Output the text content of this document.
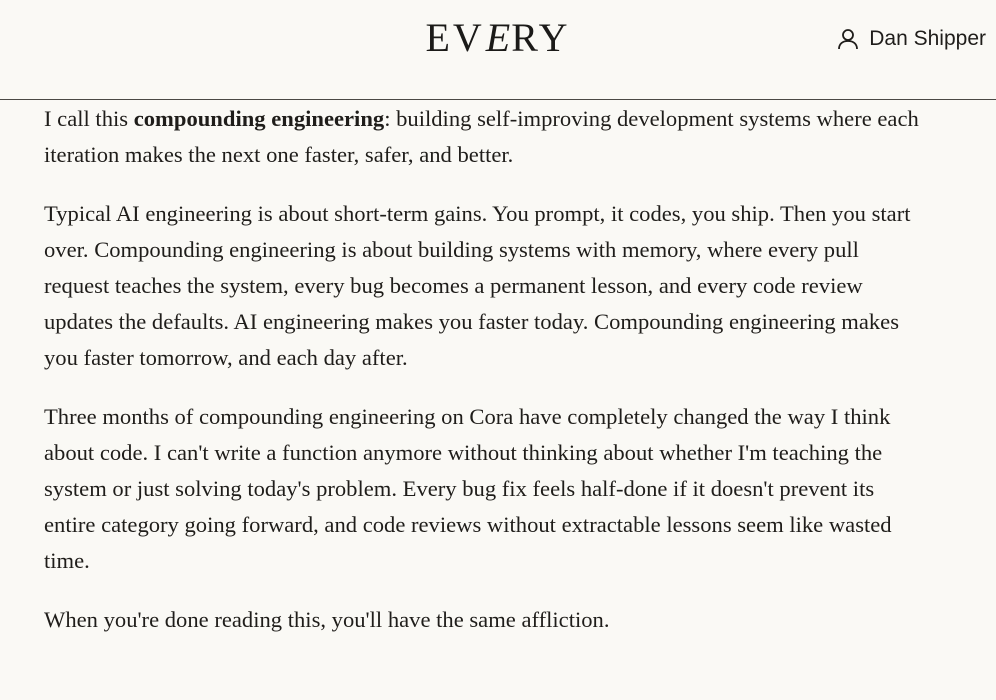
EVERY	Dan Shipper

I call this compounding engineering: building self-improving development systems where each iteration makes the next one faster, safer, and better.

Typical AI engineering is about short-term gains. You prompt, it codes, you ship. Then you start over. Compounding engineering is about building systems with memory, where every pull request teaches the system, every bug becomes a permanent lesson, and every code review updates the defaults. AI engineering makes you faster today. Compounding engineering makes you faster tomorrow, and each day after.

Three months of compounding engineering on Cora have completely changed the way I think about code. I can't write a function anymore without thinking about whether I'm teaching the system or just solving today's problem. Every bug fix feels half-done if it doesn't prevent its entire category going forward, and code reviews without extractable lessons seem like wasted time.

When you're done reading this, you'll have the same affliction.
